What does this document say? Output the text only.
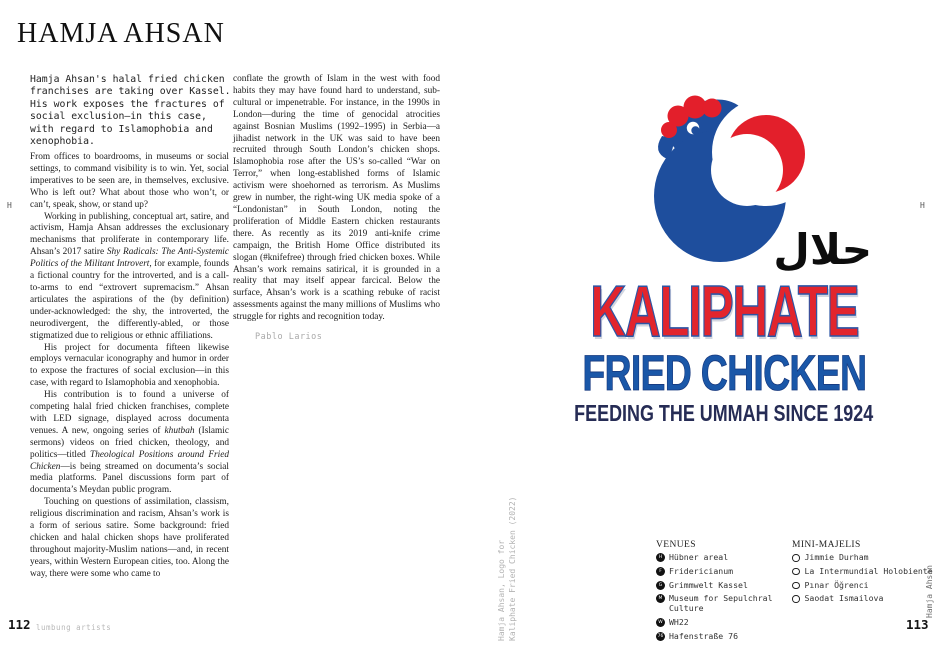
HAMJA AHSAN
H
Hamja Ahsan's halal fried chicken franchises are taking over Kassel. His work exposes the fractures of social exclusion—in this case, with regard to Islamophobia and xenophobia.

From offices to boardrooms, in museums or social settings, to command visibility is to win. Yet, social imperatives to be seen are, in themselves, exclusive. Who is left out? What about those who won’t, or can’t, speak, show, or stand up?

Working in publishing, conceptual art, satire, and activism, Hamja Ahsan addresses the exclusionary mechanisms that proliferate in contemporary life. Ahsan’s 2017 satire Shy Radicals: The Anti-Systemic Politics of the Militant Introvert, for example, founds a fictional country for the introverted, and is a call-to-arms to end “extrovert supremacism.” Ahsan articulates the aspirations of the (by definition) under-acknowledged: the shy, the introverted, the neurodivergent, the differently-abled, or those stigmatized due to religious or ethnic affiliations.

His project for documenta fifteen likewise employs vernacular iconography and humor in order to expose the fractures of social exclusion—in this case, with regard to Islamophobia and xenophobia.

His contribution is to found a universe of competing halal fried chicken franchises, complete with LED signage, displayed across documenta venues. A new, ongoing series of khutbah (Islamic sermons) videos on fried chicken, theology, and politics—titled Theological Positions around Fried Chicken—is being streamed on documenta’s social media platforms. Panel discussions form part of documenta’s Meydan public program.

Touching on questions of assimilation, classism, religious discrimination and racism, Ahsan’s work is a form of serious satire. Some background: fried chicken and halal chicken shops have proliferated throughout majority-Muslim nations—and, in recent years, within Western European cities, too. Along the way, there were some who came to

conflate the growth of Islam in the west with food habits they may have found hard to understand, sub-cultural or impenetrable. For instance, in the 1990s in London—during the time of genocidal atrocities against Bosnian Muslims (1992–1995) in Serbia—a jihadist network in the UK was said to have been recruited through South London’s chicken shops. Islamophobia rose after the US’s so-called “War on Terror,” when long-established forms of Islamic activism were shoehorned as terrorism. As Muslims grew in number, the right-wing UK media spoke of a “Londonistan” in South London, noting the proliferation of Middle Eastern chicken restaurants there. As recently as its 2019 anti-knife crime campaign, the British Home Office distributed its slogan (#knifefree) through fried chicken boxes. While Ahsan’s work remains satirical, it is grounded in a reality that may itself appear farcical. Below the surface, Ahsan’s work is a scathing rebuke of racist assessments against the many millions of Muslims who struggle for rights and recognition today.

Pablo Larios
112 lumbung artists	Hamja Ahsan, Logo for Kaliphate Fried Chicken (2022)
H
حلال
KALIPHATE
FRIED CHICKEN
FEEDING THE UMMAH SINCE 1924
VENUES
H Hübner areal
F Fridericianum
G Grimmwelt Kassel
M Museum for Sepulchral Culture
W WH22
76 Hafenstraße 76
MINI-MAJELIS
Jimmie Durham
La Intermundial Holobiente
Pınar Öğrenci
Saodat Ismailova	Hamja Ahsan
113
